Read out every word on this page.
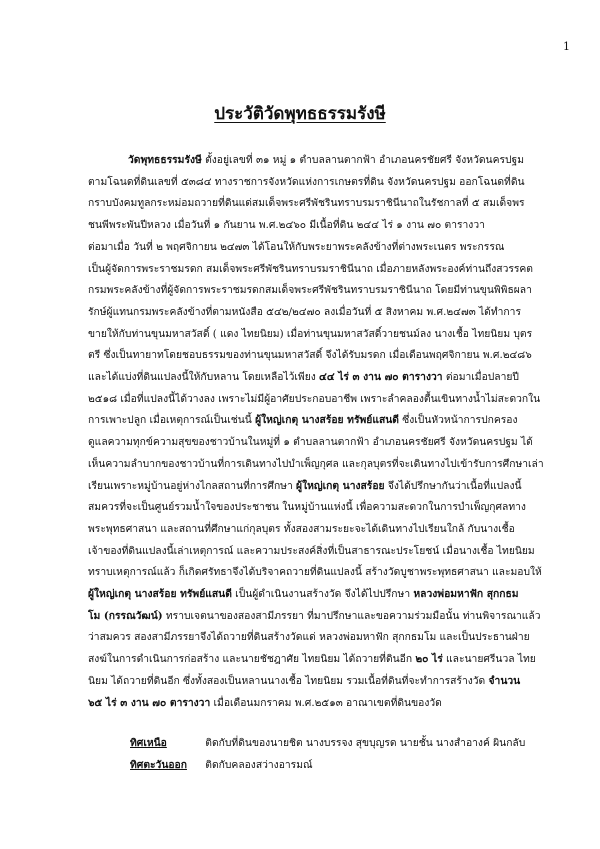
1
ประวัติวัดพุทธธรรมรังษี
วัดพุทธธรรมรังษี ตั้งอยู่เลขที่ ๓๑ หมู่ ๑ ตำบลลานตากฟ้า อำเภอนครชัยศรี จังหวัดนครปฐม
ตามโฉนดที่ดินเลขที่ ๕๓๘๔ ทางราชการจังหวัดแห่งการเกษตรที่ดิน จังหวัดนครปฐม ออกโฉนดที่ดิน
กราบบังคมทูลกระหม่อมถวายที่ดินแด่สมเด็จพระศรีพัชรินทราบรมราชินีนาถในรัชกาลที่ ๕ สมเด็จพร
ชนพีพระพันปีหลวง เมื่อวันที่ ๑ กันยาน พ.ศ.๒๔๖๐ มีเนื้อที่ดิน ๒๔๔ ไร่ ๑ งาน ๗๐ ตารางวา
ต่อมาเมื่อ วันที่ ๒ พฤศจิกายน ๒๔๗๓ ได้โอนให้กับพระยาพระคลังข้างที่ต่างพระเนตร พระกรรณ
เป็นผู้จัดการพระราชมรดก สมเด็จพระศรีพัชรินทราบรมราชินีนาถ เมื่อภายหลังพระองค์ท่านถึงสวรรคต
กรมพระคลังข้างที่ผู้จัดการพระราชมรดกสมเด็จพระศรีพัชรินทราบรมราชินีนาถ โดยมีท่านขุนพิพิธผลา
รักษ์ผู้แทนกรมพระคลังข้างที่ตามหนังสือ ๕๔๒/๒๔๗๐ ลงเมื่อวันที่ ๕ สิงหาคม พ.ศ.๒๔๗๓ ได้ทำการ
ขายให้กับท่านขุนมหาสวัสดิ์ ( แดง ไทยนิยม) เมื่อท่านขุนมหาสวัสดิ์วายชนม์ลง นางเชื้อ ไทยนิยม บุตร
ตรี ซึ่งเป็นทายาทโดยชอบธรรมของท่านขุนมหาสวัสดิ์ จึงได้รับมรดก เมื่อเดือนพฤศจิกายน พ.ศ.๒๔๘๖
และได้แบ่งที่ดินแปลงนี้ให้กับหลาน โดยเหลือไว้เพียง ๔๔ ไร่ ๓ งาน ๗๐ ตารางวา ต่อมาเมื่อปลายปี
๒๕๑๘ เมื่อที่แปลงนี้ได้วางลง เพราะไม่มีผู้อาศัยประกอบอาชีพ เพราะลำคลองตื้นเขินทางน้ำไม่สะดวกใน
การเพาะปลูก เมื่อเหตุการณ์เป็นเช่นนี้ ผู้ใหญ่เกตุ นางสร้อย ทรัพย์แสนดี ซึ่งเป็นหัวหน้าการปกครอง
ดูแลความทุกข์ความสุขของชาวบ้านในหมู่ที่ ๑ ตำบลลานตากฟ้า อำเภอนครชัยศรี จังหวัดนครปฐม ได้
เห็นความลำบากของชาวบ้านที่การเดินทางไปบำเพ็ญกุศล และกุลบุตรที่จะเดินทางไปเข้ารับการศึกษาเล่า
เรียนเพราะหมู่บ้านอยู่ห่างไกลสถานที่การศึกษา ผู้ใหญ่เกตุ นางสร้อย จึงได้ปรึกษากันว่าเนื้อที่แปลงนี้
สมควรที่จะเป็นศูนย์รวมน้ำใจของประชาชน ในหมู่บ้านแห่งนี้ เพื่อความสะดวกในการบำเพ็ญกุศลทาง
พระพุทธศาสนา และสถานที่ศึกษาแก่กุลบุตร ทั้งสองสามระยะจะได้เดินทางไปเรียนใกล้ กับนางเชื้อ
เจ้าของที่ดินแปลงนี้เล่าเหตุการณ์ และความประสงค์สิ่งที่เป็นสาธารณะประโยชน์ เมื่อนางเชื้อ ไทยนิยม
ทราบเหตุการณ์แล้ว ก็เกิดศรัทธาจึงได้บริจาคถวายที่ดินแปลงนี้ สร้างวัดบูชาพระพุทธศาสนา และมอบให้
ผู้ใหญ่เกตุ นางสร้อย ทรัพย์แสนดี เป็นผู้ดำเนินงานสร้างวัด จึงได้ไปปรึกษา หลวงพ่อมหาฟัก สุกกธม
โม (กรรณวัฒน์) ทราบเจตนาของสองสามีภรรยา ที่มาปรึกษาและขอความร่วมมือนั้น ท่านพิจารณาแล้ว
ว่าสมควร สองสามีภรรยาจึงได้ถวายที่ดินสร้างวัดแด่ หลวงพ่อมหาฟัก สุกกธมโม และเป็นประธานฝ่าย
สงฆ์ในการดำเนินการก่อสร้าง และนายชัชฎาศัย ไทยนิยม ได้ถวายที่ดินอีก ๒๐ ไร่ และนายศรีนวล ไทย
นิยม ได้ถวายที่ดินอีก ซึ่งทั้งสองเป็นหลานนางเชื้อ ไทยนิยม รวมเนื้อที่ดินที่จะทำการสร้างวัด จำนวน
๖๕ ไร่ ๓ งาน ๗๐ ตารางวา เมื่อเดือนมกราคม พ.ศ.๒๕๑๓ อาณาเขตที่ดินของวัด
ทิศเหนือ	ติดกับที่ดินของนายชิต นางบรรจง สุขบุญรด นายชั้น นางสำอางค์ ผินกลับ
ทิศตะวันออก ติดกับคลองสว่างอารมณ์
